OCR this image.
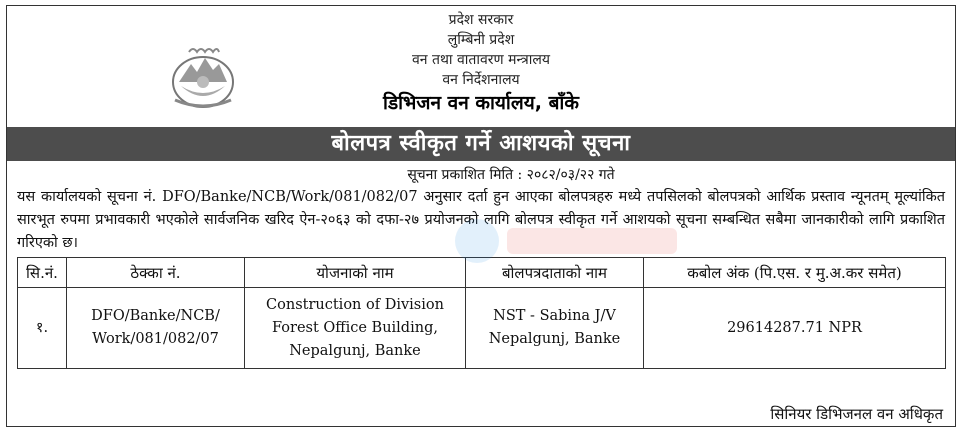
प्रदेश सरकार
लुम्बिनी प्रदेश
वन तथा वातावरण मन्त्रालय
वन निर्देशनालय
डिभिजन वन कार्यालय, बाँके
बोलपत्र स्वीकृत गर्ने आशयको सूचना
सूचना प्रकाशित मिति : २०८२/०३/२२ गते
यस कार्यालयको सूचना नं. DFO/Banke/NCB/Work/081/082/07 अनुसार दर्ता हुन आएका बोलपत्रहरु मध्ये तपसिलको बोलपत्रको आर्थिक प्रस्ताव न्यूनतम् मूल्यांकित सारभूत रुपमा प्रभावकारी भएकोले सार्वजनिक खरिद ऐन-२०६३ को दफा-२७ प्रयोजनको लागि बोलपत्र स्वीकृत गर्ने आशयको सूचना सम्बन्धित सबैमा जानकारीको लागि प्रकाशित गरिएको छ।
सि.नं.	ठेक्का नं.	योजनाको नाम	बोलपत्रदाताको नाम	कबोल अंक (पि.एस. र मु.अ.कर समेत)
१.	DFO/Banke/NCB/ Work/081/082/07	Construction of Division Forest Office Building, Nepalgunj, Banke	NST - Sabina J/V Nepalgunj, Banke	29614287.71 NPR
सिनियर डिभिजनल वन अधिकृत
